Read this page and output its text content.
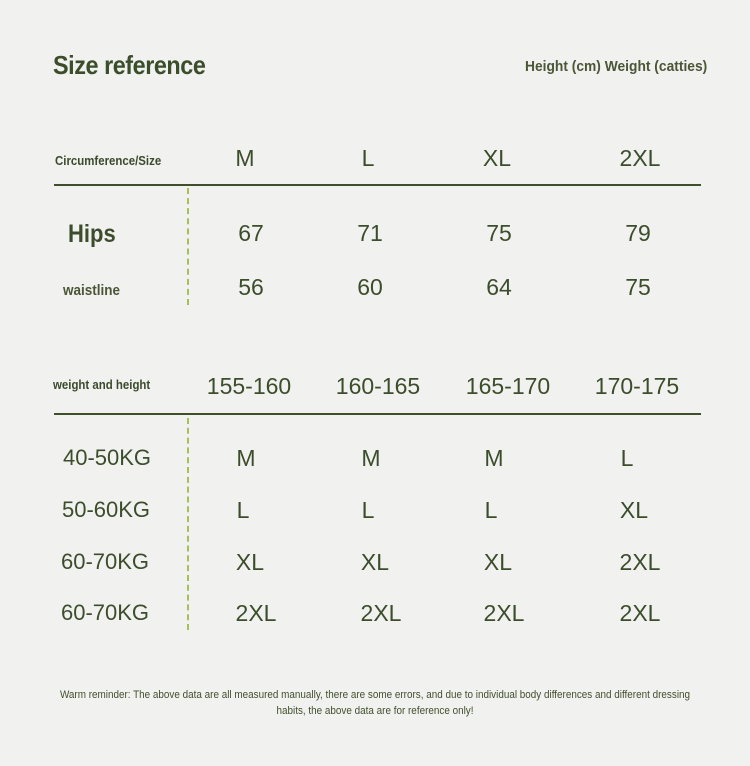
Size reference	Height (cm) Weight (catties)
Circumference/Size	M	L	XL	2XL
Hips	67	71	75	79
waistline	56	60	64	75
weight and height	155-160	160-165	165-170	170-175
40-50KG	M	M	M	L
50-60KG	L	L	L	XL
60-70KG	XL	XL	XL	2XL
60-70KG	2XL	2XL	2XL	2XL
Warm reminder: The above data are all measured manually, there are some errors, and due to individual body differences and different dressing habits, the above data are for reference only!
